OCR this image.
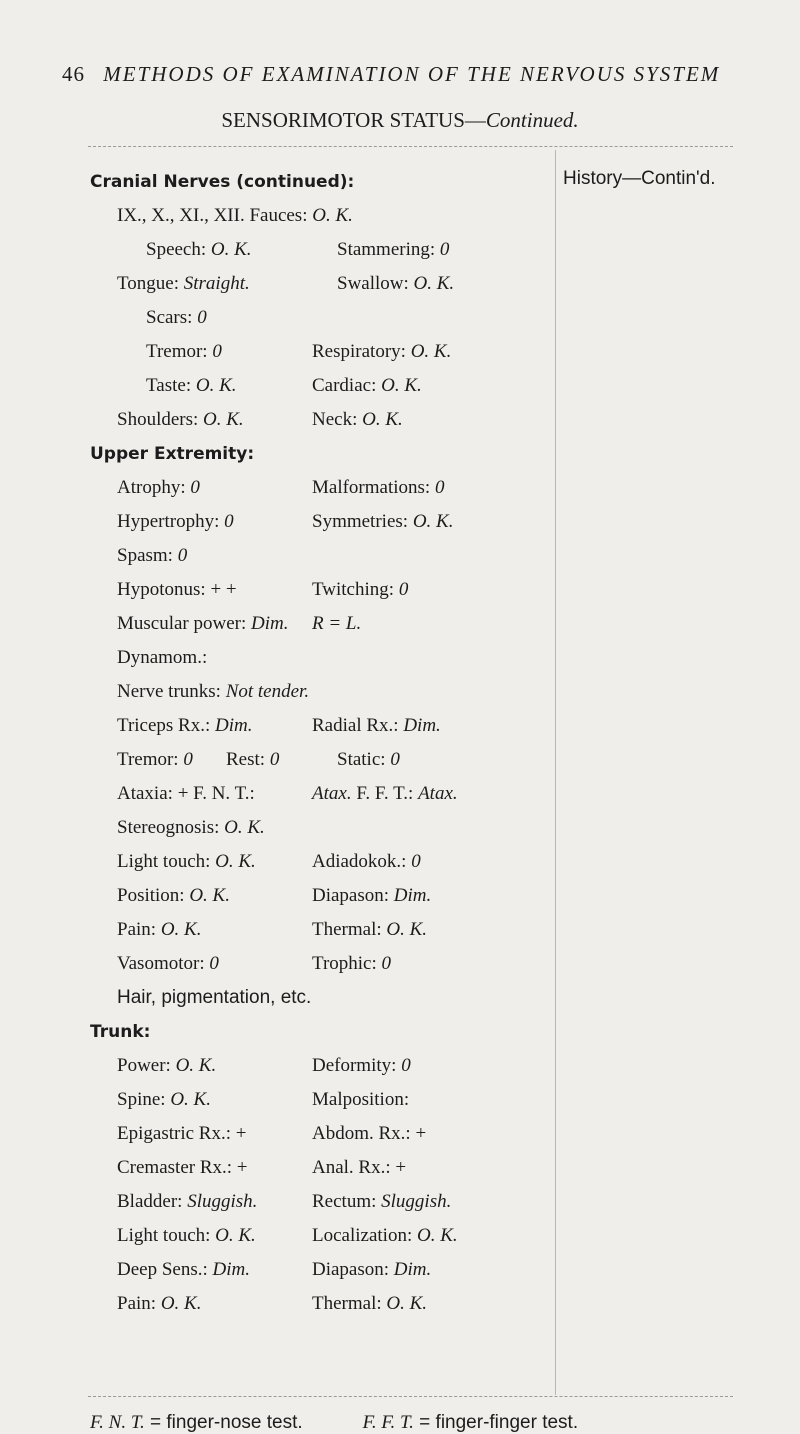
46 METHODS OF EXAMINATION OF THE NERVOUS SYSTEM
SENSORIMOTOR STATUS—Continued.
History—Contin'd.
Cranial Nerves (continued):
IX., X., XI., XII. Fauces: O. K.
Speech: O. K.	Stammering: 0
Tongue: Straight.	Swallow: O. K.
Scars: 0
Tremor: 0	Respiratory: O. K.
Taste: O. K.	Cardiac: O. K.
Shoulders: O. K.	Neck: O. K.
Upper Extremity:
Atrophy: 0	Malformations: 0
Hypertrophy: 0	Symmetries: O. K.
Spasm: 0
Hypotonus: + +	Twitching: 0
Muscular power: Dim. R = L.
Dynamom.:
Nerve trunks: Not tender.
Triceps Rx.: Dim.	Radial Rx.: Dim.
Tremor: 0 Rest: 0	Static: 0
Ataxia: + F. N. T.:	Atax. F. F. T.: Atax.
Stereognosis: O. K.
Light touch: O. K.	Adiadokok.: 0
Position: O. K.	Diapason: Dim.
Pain: O. K.	Thermal: O. K.
Vasomotor: 0	Trophic: 0
Hair, pigmentation, etc.
Trunk:
Power: O. K.	Deformity: 0
Spine: O. K.	Malposition:
Epigastric Rx.: +	Abdom. Rx.: +
Cremaster Rx.: +	Anal. Rx.: +
Bladder: Sluggish.	Rectum: Sluggish.
Light touch: O. K.	Localization: O. K.
Deep Sens.: Dim.	Diapason: Dim.
Pain: O. K.	Thermal: O. K.
F. N. T. = finger-nose test.	F. F. T. = finger-finger test.
